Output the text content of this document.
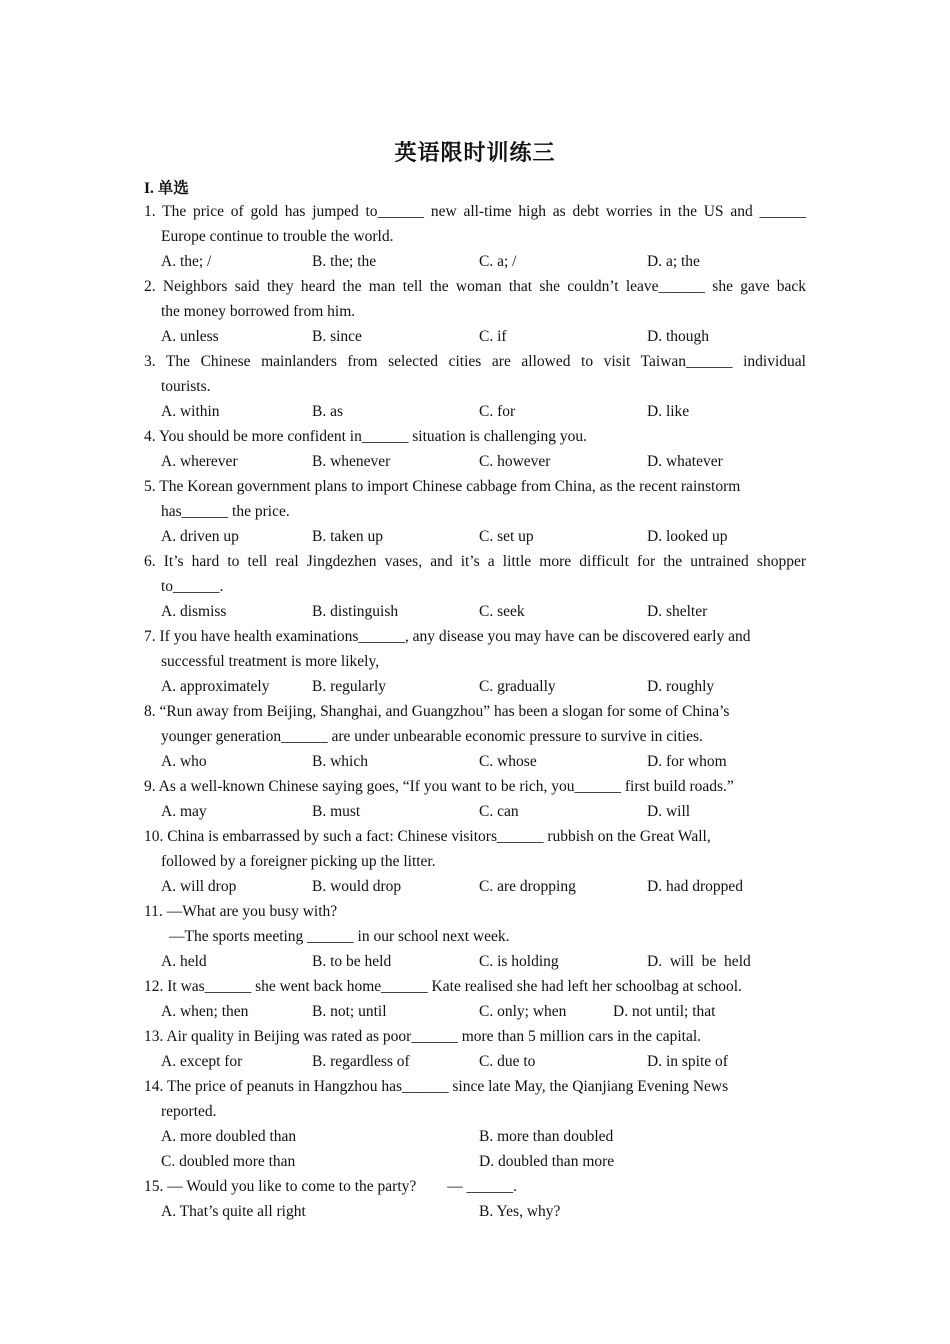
英语限时训练三
I. 单选
1. The price of gold has jumped to______ new all-time high as debt worries in the US and ______
Europe continue to trouble the world.
A. the; /	B. the; the	C. a; /	D. a; the
2. Neighbors said they heard the man tell the woman that she couldn’t leave______ she gave back
the money borrowed from him.
A. unless	B. since	C. if	D. though
3. The Chinese mainlanders from selected cities are allowed to visit Taiwan______ individual
tourists.
A. within	B. as	C. for	D. like
4. You should be more confident in______ situation is challenging you.
A. wherever	B. whenever	C. however	D. whatever
5. The Korean government plans to import Chinese cabbage from China, as the recent rainstorm
has______ the price.
A. driven up	B. taken up	C. set up	D. looked up
6. It’s hard to tell real Jingdezhen vases, and it’s a little more difficult for the untrained shopper
to______.
A. dismiss	B. distinguish	C. seek	D. shelter
7. If you have health examinations______, any disease you may have can be discovered early and
successful treatment is more likely,
A. approximately	B. regularly	C. gradually	D. roughly
8. “Run away from Beijing, Shanghai, and Guangzhou” has been a slogan for some of China’s
younger generation______ are under unbearable economic pressure to survive in cities.
A. who	B. which	C. whose	D. for whom
9. As a well-known Chinese saying goes, “If you want to be rich, you______ first build roads.”
A. may	B. must	C. can	D. will
10. China is embarrassed by such a fact: Chinese visitors______ rubbish on the Great Wall,
followed by a foreigner picking up the litter.
A. will drop	B. would drop	C. are dropping	D. had dropped
11. —What are you busy with?
—The sports meeting ______ in our school next week.
A. held	B. to be held	C. is holding	D.  will  be  held
12. It was______ she went back home______ Kate realised she had left her schoolbag at school.
A. when; then	B. not; until	C. only; when	D. not until; that
13. Air quality in Beijing was rated as poor______ more than 5 million cars in the capital.
A. except for	B. regardless of	C. due to	D. in spite of
14. The price of peanuts in Hangzhou has______ since late May, the Qianjiang Evening News
reported.
A. more doubled than	B. more than doubled
C. doubled more than	D. doubled than more
15. — Would you like to come to the party?        — ______.
A. That’s quite all right	B. Yes, why?
